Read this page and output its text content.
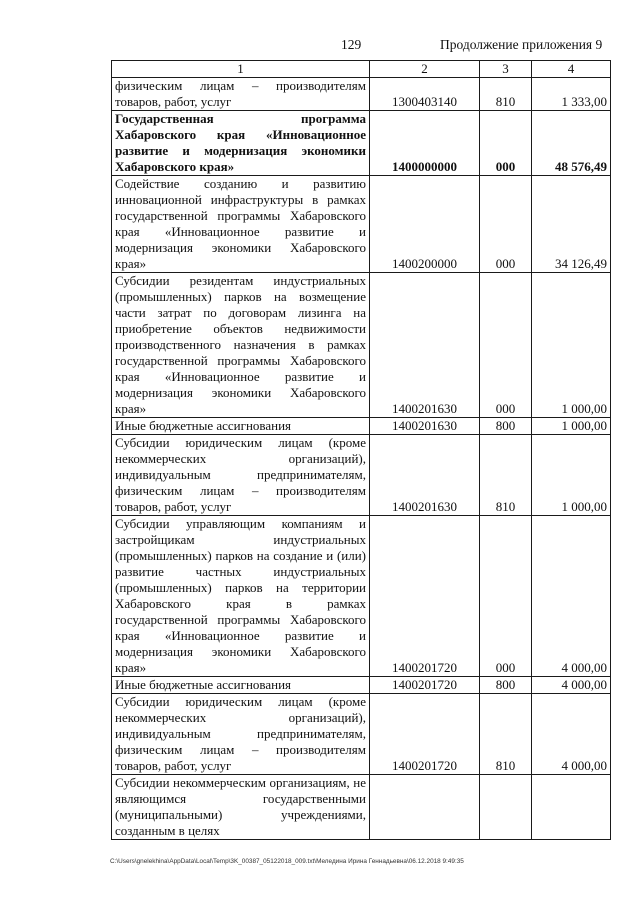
129	Продолжение приложения 9
1	2	3	4
физическим лицам – производителям товаров, работ, услуг	1300403140	810	1 333,00
Государственная программа Хабаровского края «Инновационное развитие и модернизация экономики Хабаровского края»	1400000000	000	48 576,49
Содействие созданию и развитию инновационной инфраструктуры в рамках государственной программы Хабаровского края «Инновационное развитие и модернизация экономики Хабаровского края»	1400200000	000	34 126,49
Субсидии резидентам индустриальных (промышленных) парков на возмещение части затрат по договорам лизинга на приобретение объектов недвижимости производственного назначения в рамках государственной программы Хабаровского края «Инновационное развитие и модернизация экономики Хабаровского края»	1400201630	000	1 000,00
Иные бюджетные ассигнования	1400201630	800	1 000,00
Субсидии юридическим лицам (кроме некоммерческих организаций), индивидуальным предпринимателям, физическим лицам – производителям товаров, работ, услуг	1400201630	810	1 000,00
Субсидии управляющим компаниям и застройщикам индустриальных (промышленных) парков на создание и (или) развитие частных индустриальных (промышленных) парков на территории Хабаровского края в рамках государственной программы Хабаровского края «Инновационное развитие и модернизация экономики Хабаровского края»	1400201720	000	4 000,00
Иные бюджетные ассигнования	1400201720	800	4 000,00
Субсидии юридическим лицам (кроме некоммерческих организаций), индивидуальным предпринимателям, физическим лицам – производителям товаров, работ, услуг	1400201720	810	4 000,00
Субсидии некоммерческим организациям, не являющимся государственными (муниципальными) учреждениями, созданным в целях			
C:\Users\gnelekhina\AppData\Local\Temp\3K_00387_05122018_009.txt\Меледина Ирина Геннадьевна\06.12.2018 9:49:35
